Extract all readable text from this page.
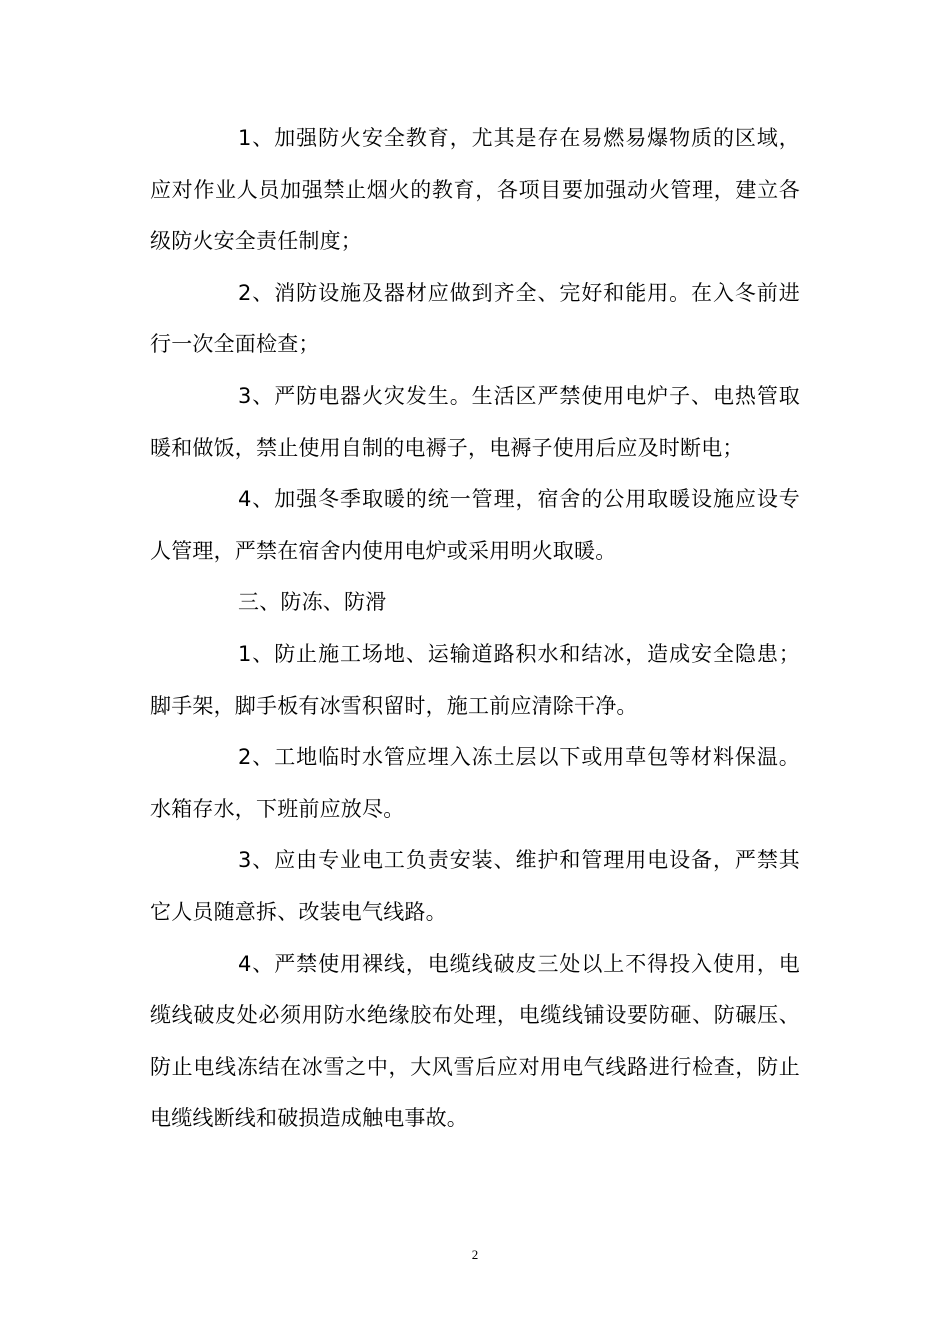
1、加强防火安全教育，尤其是存在易燃易爆物质的区域，应对作业人员加强禁止烟火的教育，各项目要加强动火管理，建立各级防火安全责任制度；

2、消防设施及器材应做到齐全、完好和能用。在入冬前进行一次全面检查；

3、严防电器火灾发生。生活区严禁使用电炉子、电热管取暖和做饭，禁止使用自制的电褥子，电褥子使用后应及时断电；

4、加强冬季取暖的统一管理，宿舍的公用取暖设施应设专人管理，严禁在宿舍内使用电炉或采用明火取暖。

三、防冻、防滑

1、防止施工场地、运输道路积水和结冰，造成安全隐患；脚手架，脚手板有冰雪积留时，施工前应清除干净。

2、工地临时水管应埋入冻土层以下或用草包等材料保温。水箱存水，下班前应放尽。

3、应由专业电工负责安装、维护和管理用电设备，严禁其它人员随意拆、改装电气线路。

4、严禁使用裸线，电缆线破皮三处以上不得投入使用，电缆线破皮处必须用防水绝缘胶布处理，电缆线铺设要防砸、防碾压、防止电线冻结在冰雪之中，大风雪后应对用电气线路进行检查，防止电缆线断线和破损造成触电事故。

2
